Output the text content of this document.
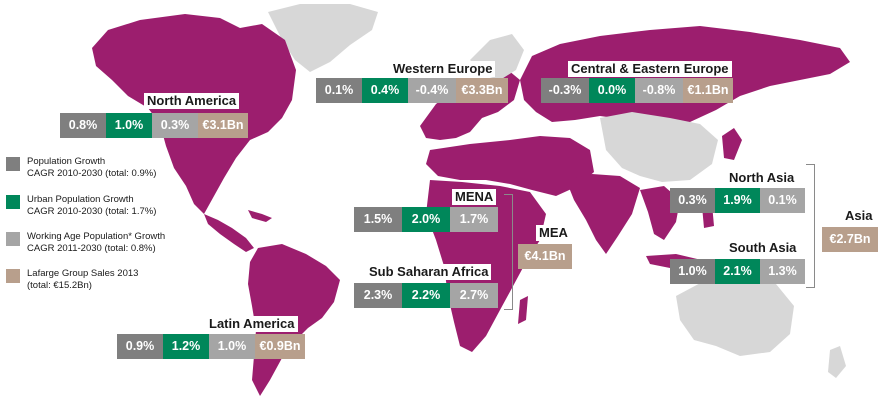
Population Growth
CAGR 2010-2030 (total: 0.9%)
Urban Population Growth
CAGR 2010-2030 (total: 1.7%)
Working Age Population* Growth
CAGR 2011-2030 (total: 0.8%)
Lafarge Group Sales 2013
(total: €15.2Bn)
North America
0.8%	1.0%	0.3%	€3.1Bn
Western Europe
0.1%	0.4%	-0.4%	€3.3Bn
Central & Eastern Europe
-0.3%	0.0%	-0.8% €1.1Bn
MENA
1.5%	2.0%	1.7%
Sub Saharan Africa
2.3%	2.2%	2.7%
MEA
€4.1Bn
Latin America
0.9%	1.2%	1.0%	€0.9Bn
North Asia
0.3%	1.9%	0.1%
South Asia
1.0%	2.1%	1.3%
Asia
€2.7Bn
